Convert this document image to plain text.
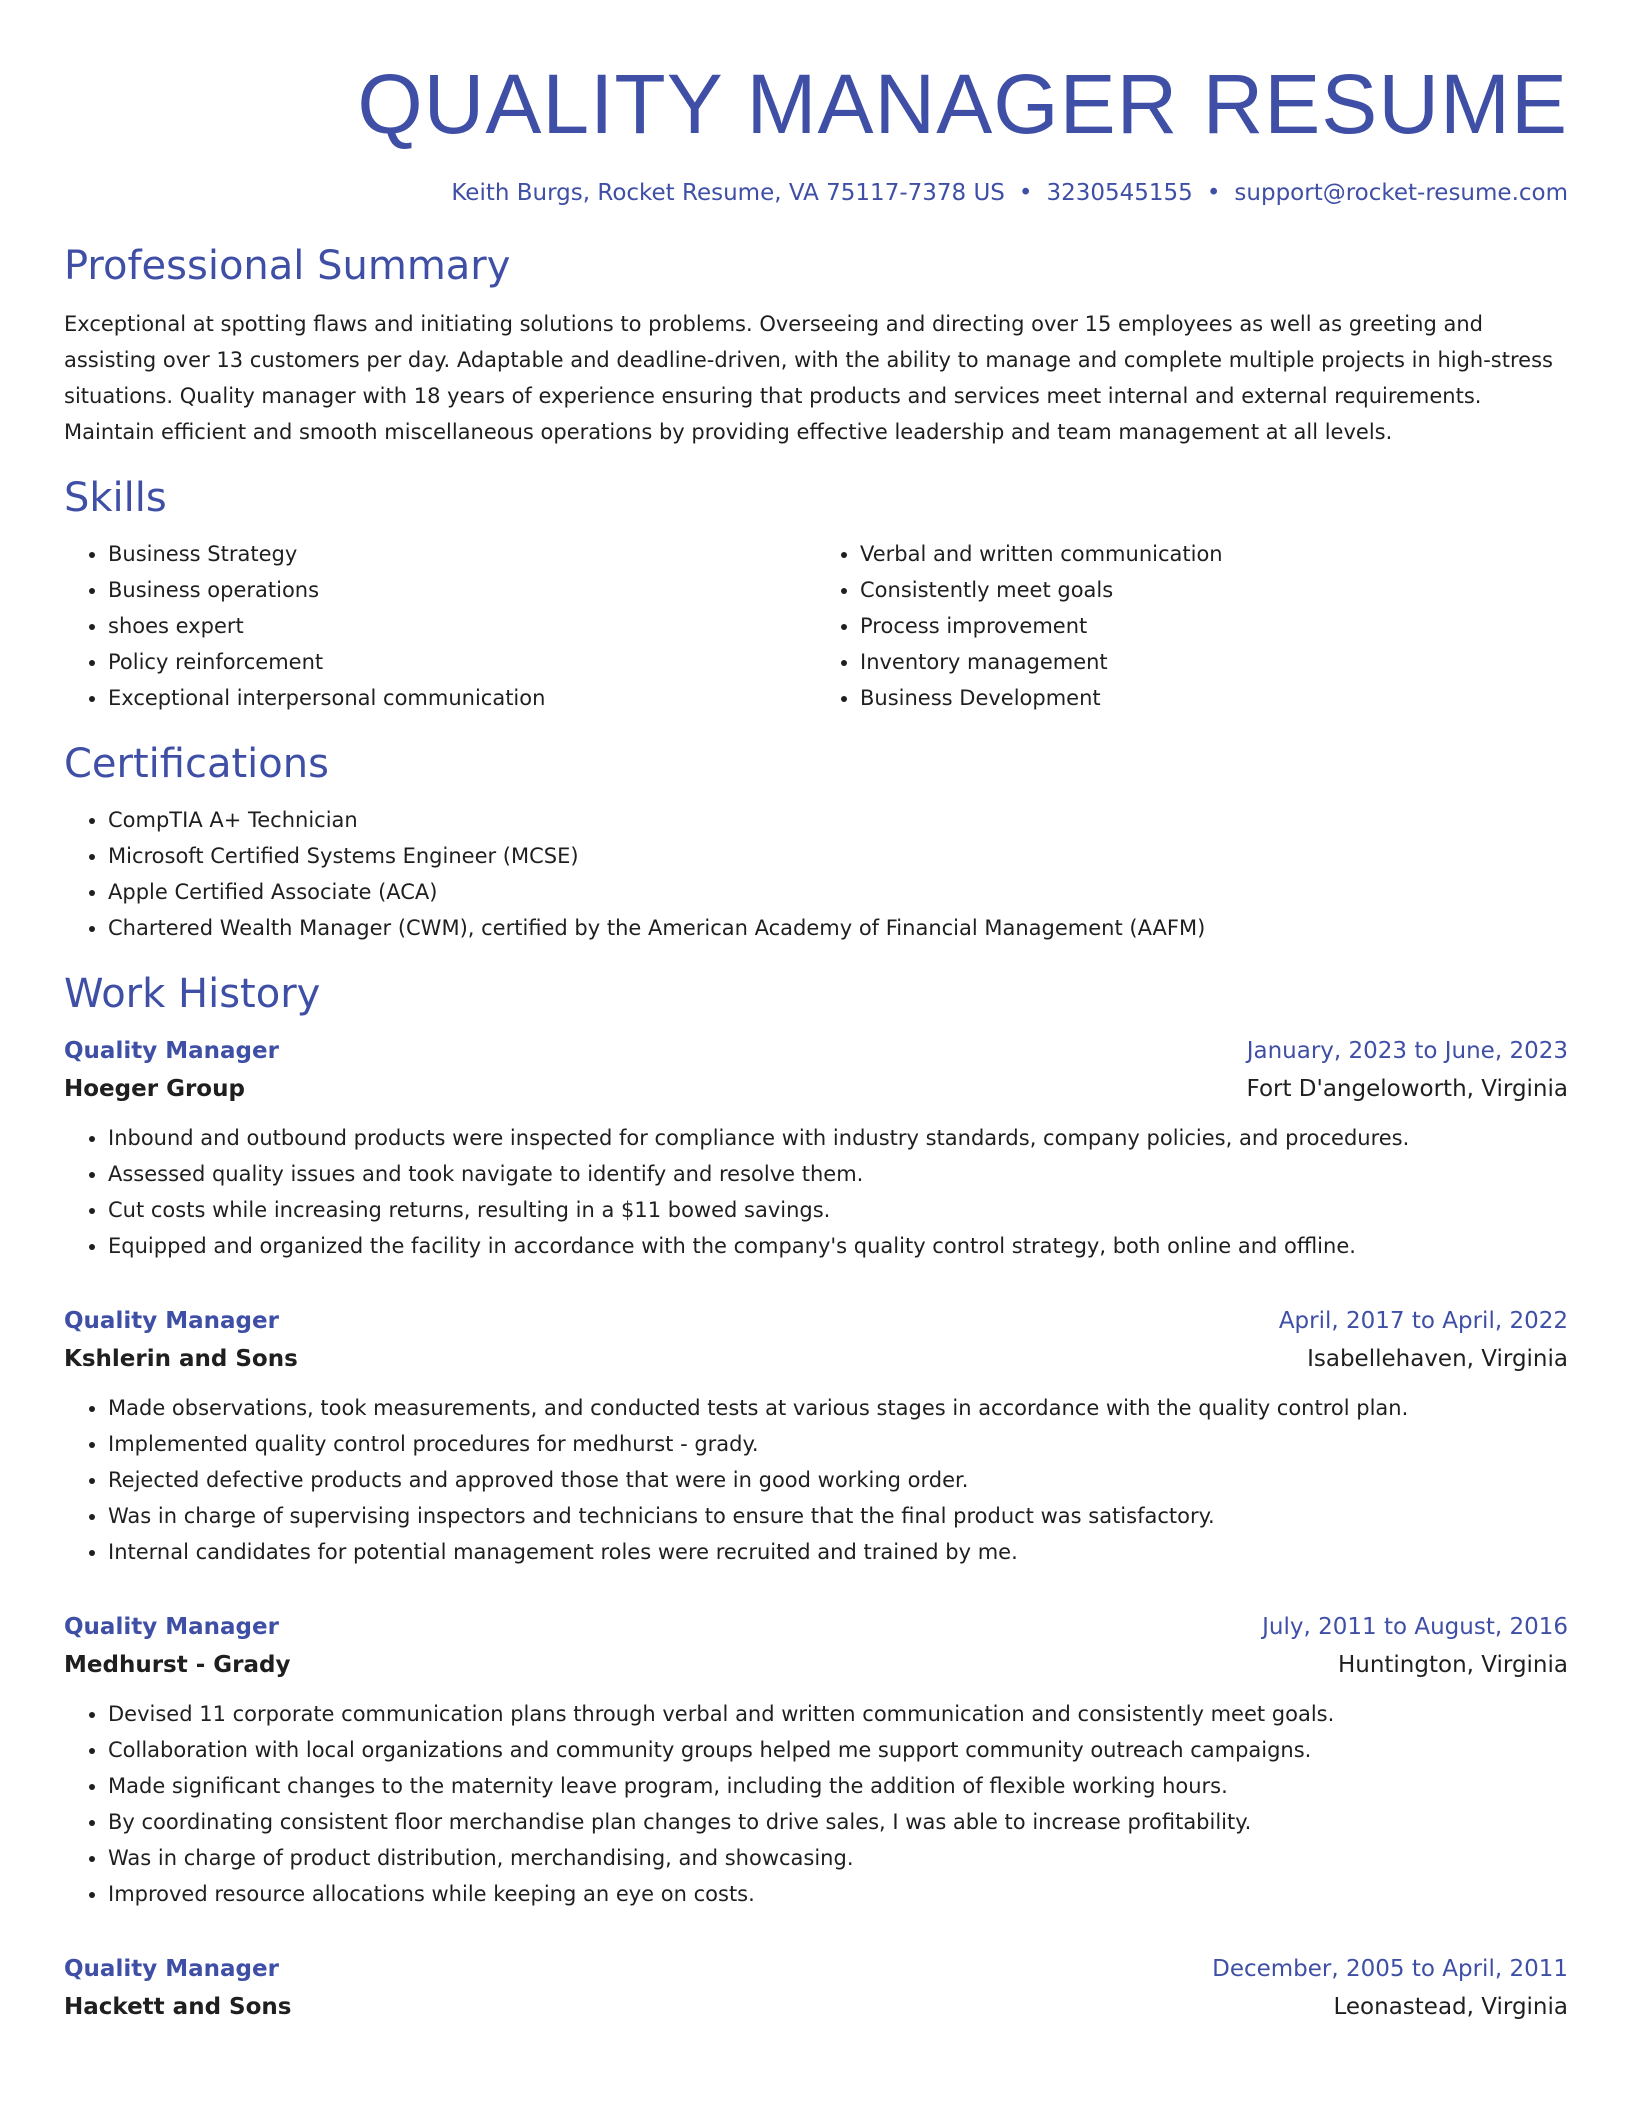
QUALITY MANAGER RESUME
Keith Burgs, Rocket Resume, VA 75117-7378 US • 3230545155 • support@rocket-resume.com
Professional Summary
Exceptional at spotting flaws and initiating solutions to problems. Overseeing and directing over 15 employees as well as greeting and assisting over 13 customers per day. Adaptable and deadline-driven, with the ability to manage and complete multiple projects in high-stress situations. Quality manager with 18 years of experience ensuring that products and services meet internal and external requirements. Maintain efficient and smooth miscellaneous operations by providing effective leadership and team management at all levels.
Skills
• Business Strategy
• Business operations
• shoes expert
• Policy reinforcement
• Exceptional interpersonal communication
• Verbal and written communication
• Consistently meet goals
• Process improvement
• Inventory management
• Business Development
Certifications
• CompTIA A+ Technician
• Microsoft Certified Systems Engineer (MCSE)
• Apple Certified Associate (ACA)
• Chartered Wealth Manager (CWM), certified by the American Academy of Financial Management (AAFM)
Work History
Quality Manager	January, 2023 to June, 2023
Hoeger Group	Fort D'angeloworth, Virginia
• Inbound and outbound products were inspected for compliance with industry standards, company policies, and procedures.
• Assessed quality issues and took navigate to identify and resolve them.
• Cut costs while increasing returns, resulting in a $11 bowed savings.
• Equipped and organized the facility in accordance with the company's quality control strategy, both online and offline.
Quality Manager	April, 2017 to April, 2022
Kshlerin and Sons	Isabellehaven, Virginia
• Made observations, took measurements, and conducted tests at various stages in accordance with the quality control plan.
• Implemented quality control procedures for medhurst - grady.
• Rejected defective products and approved those that were in good working order.
• Was in charge of supervising inspectors and technicians to ensure that the final product was satisfactory.
• Internal candidates for potential management roles were recruited and trained by me.
Quality Manager	July, 2011 to August, 2016
Medhurst - Grady	Huntington, Virginia
• Devised 11 corporate communication plans through verbal and written communication and consistently meet goals.
• Collaboration with local organizations and community groups helped me support community outreach campaigns.
• Made significant changes to the maternity leave program, including the addition of flexible working hours.
• By coordinating consistent floor merchandise plan changes to drive sales, I was able to increase profitability.
• Was in charge of product distribution, merchandising, and showcasing.
• Improved resource allocations while keeping an eye on costs.
Quality Manager	December, 2005 to April, 2011
Hackett and Sons	Leonastead, Virginia
